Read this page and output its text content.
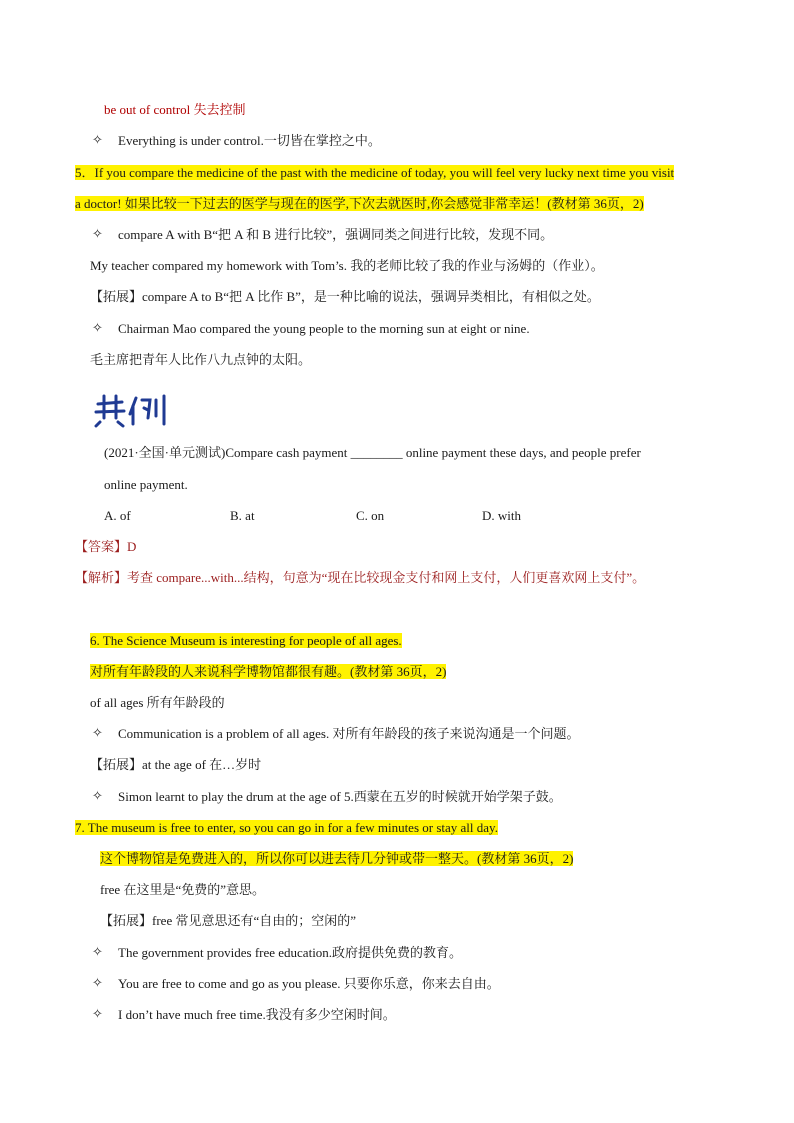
be out of control 失去控制
✧ Everything is under control.一切皆在掌控之中。
5．If you compare the medicine of the past with the medicine of today, you will feel very lucky next time you visit
a doctor! 如果比较一下过去的医学与现在的医学,下次去就医时,你会感觉非常幸运！(教材第 36页，2)
✧ compare A with B“把 A 和 B 进行比较”，强调同类之间进行比较，发现不同。
My teacher compared my homework with Tom’s. 我的老师比较了我的作业与汤姆的（作业）。
【拓展】compare A to B“把 A 比作 B”，是一种比喻的说法，强调异类相比，有相似之处。
✧ Chairman Mao compared the young people to the morning sun at eight or nine.
毛主席把青年人比作八九点钟的太阳。
(2021·全国·单元测试)Compare cash payment ________ online payment these days, and people prefer
online payment.
A. of	B. at	C. on	D. with
【答案】D
【解析】考查 compare...with...结构，句意为“现在比较现金支付和网上支付，人们更喜欢网上支付”。
6. The Science Museum is interesting for people of all ages.
对所有年龄段的人来说科学博物馆都很有趣。(教材第 36页，2)
of all ages 所有年龄段的
✧ Communication is a problem of all ages. 对所有年龄段的孩子来说沟通是一个问题。
【拓展】at the age of 在…岁时
✧ Simon learnt to play the drum at the age of 5.西蒙在五岁的时候就开始学架子鼓。
7. The museum is free to enter, so you can go in for a few minutes or stay all day.
这个博物馆是免费进入的，所以你可以进去待几分钟或带一整天。(教材第 36页，2)
free 在这里是“免费的”意思。
【拓展】free 常见意思还有“自由的；空闲的”
✧ The government provides free education.政府提供免费的教育。
✧ You are free to come and go as you please. 只要你乐意，你来去自由。
✧ I don’t have much free time.我没有多少空闲时间。
